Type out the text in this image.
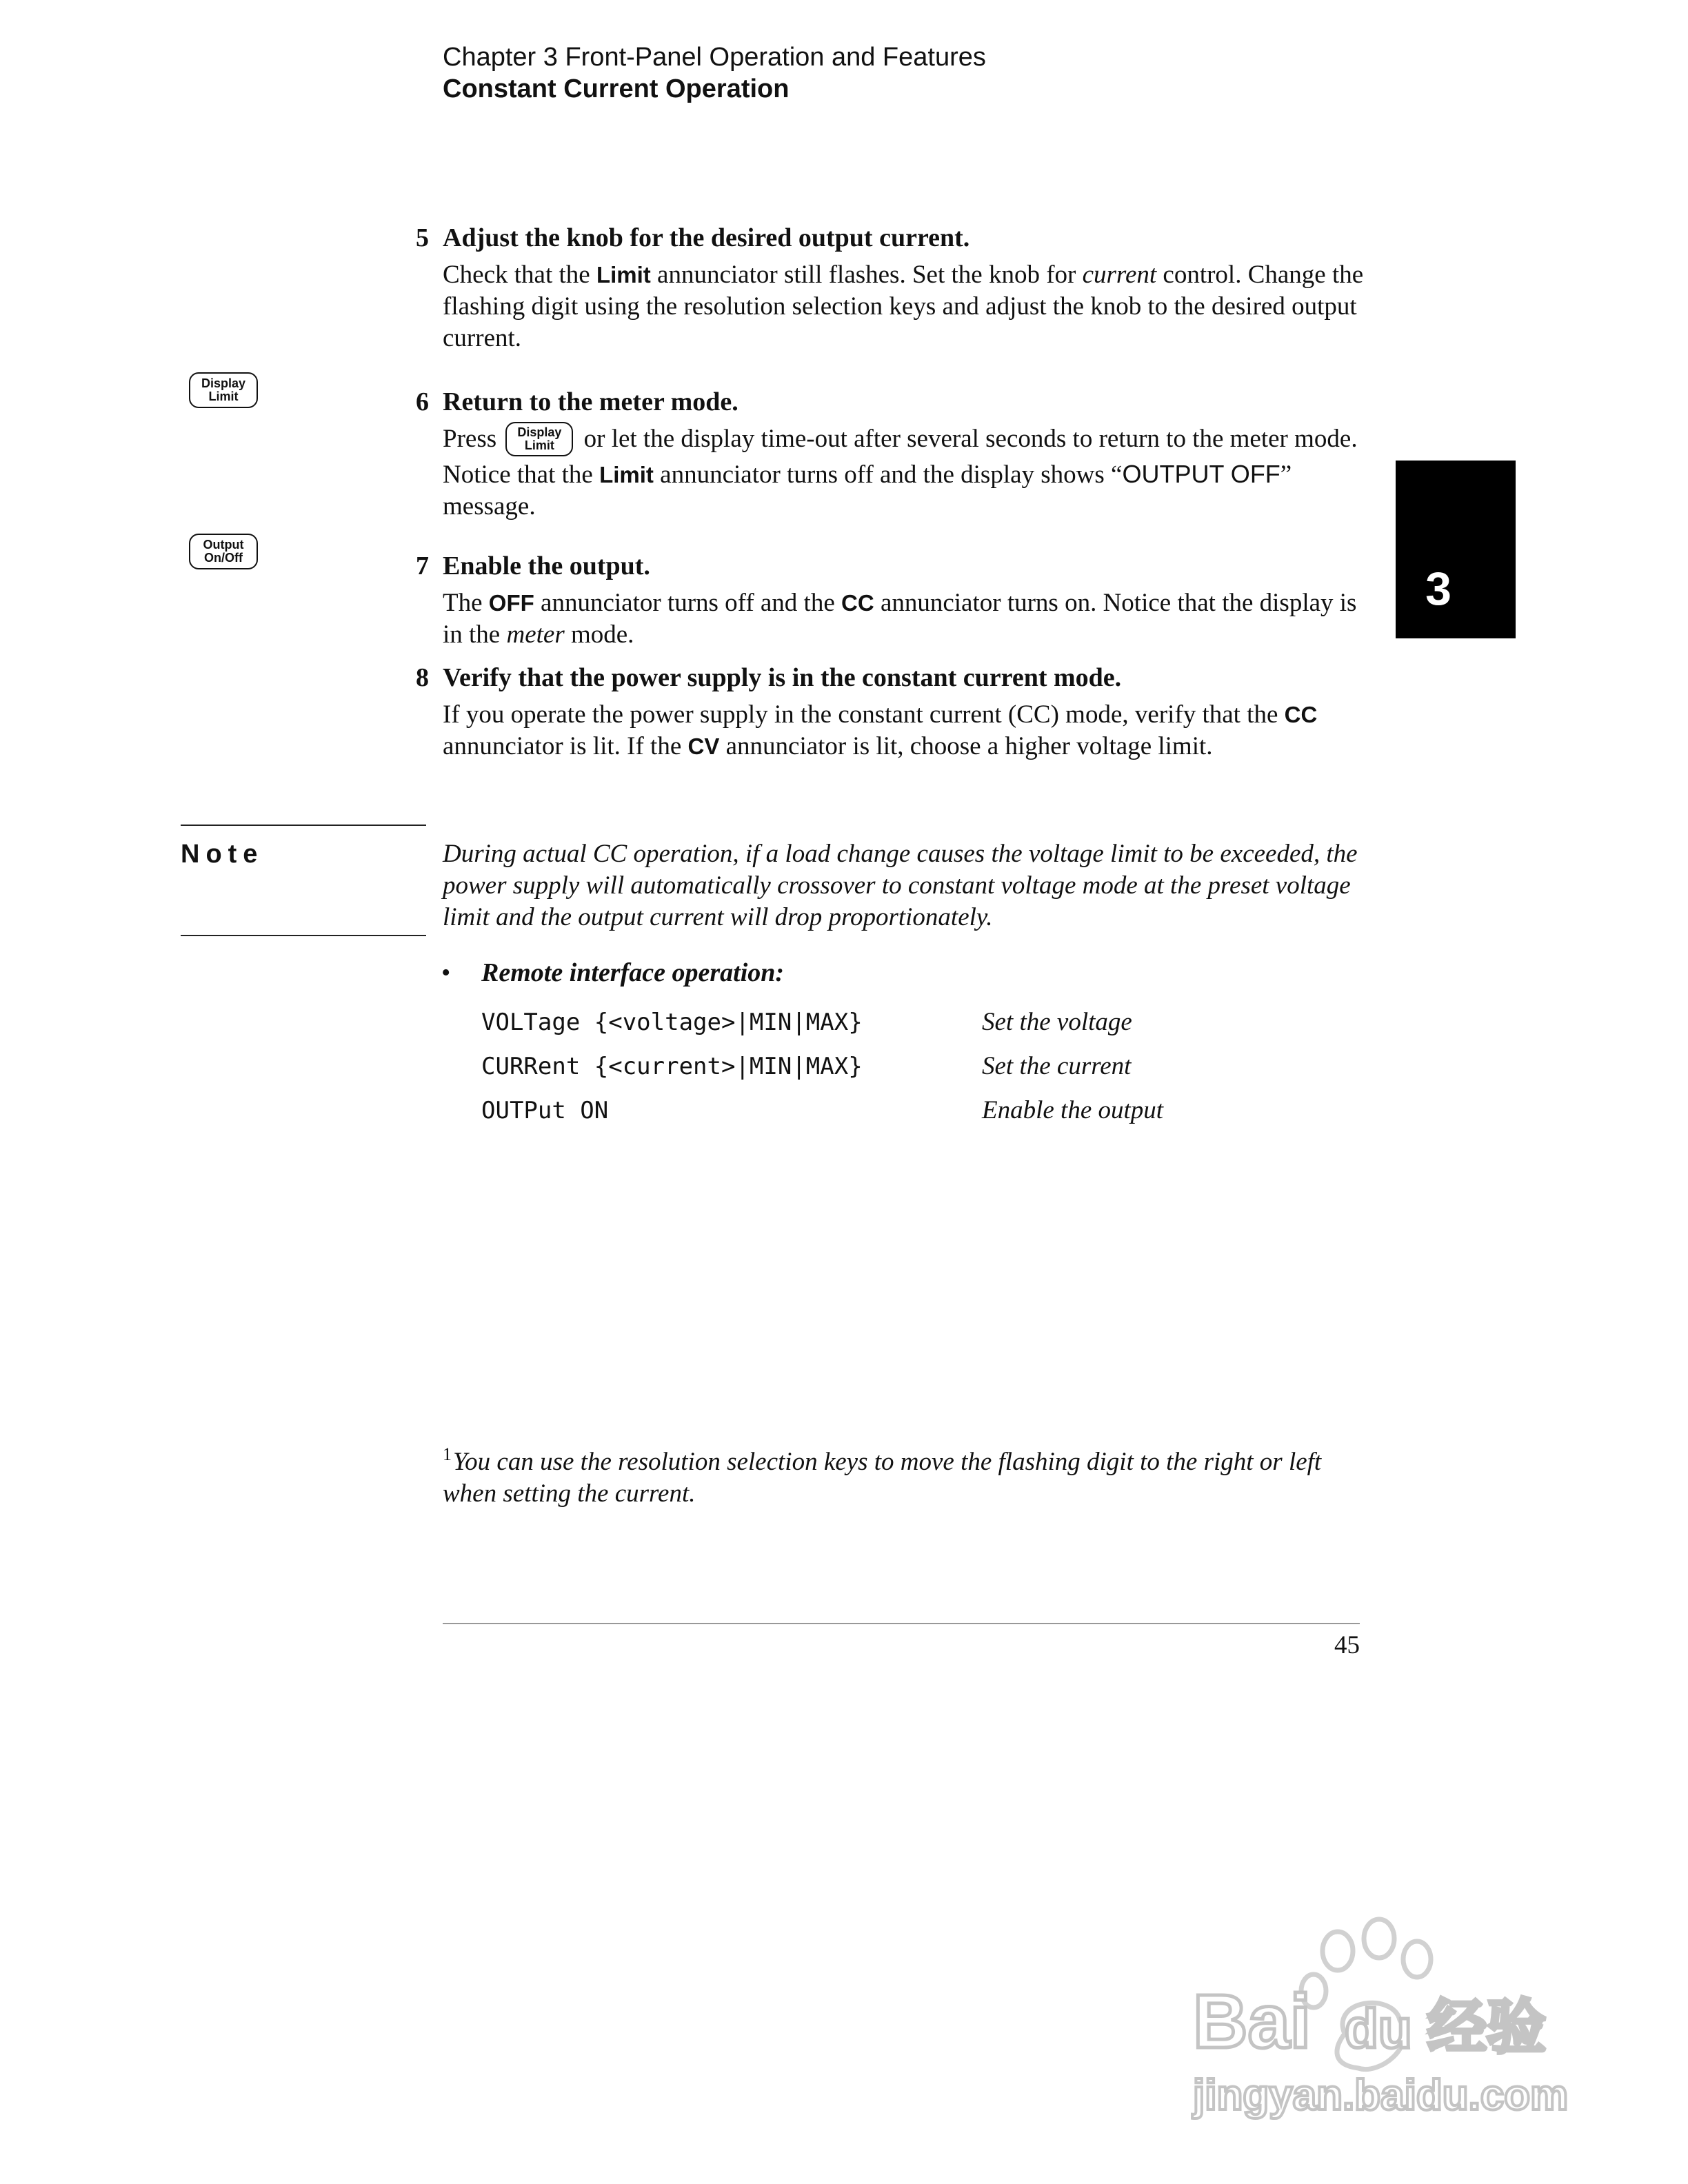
Chapter 3 Front-Panel Operation and Features
Constant Current Operation
3
5 Adjust the knob for the desired output current.
Check that the Limit annunciator still flashes. Set the knob for current control. Change the flashing digit using the resolution selection keys and adjust the knob to the desired output current.
Display
Limit	6 Return to the meter mode.
Press Display
Limit or let the display time-out after several seconds to return to the meter mode. Notice that the Limit annunciator turns off and the display shows “OUTPUT OFF” message.
Output
On/Off	7 Enable the output.
The OFF annunciator turns off and the CC annunciator turns on. Notice that the display is in the meter mode.
8 Verify that the power supply is in the constant current mode.
If you operate the power supply in the constant current (CC) mode, verify that the CC annunciator is lit. If the CV annunciator is lit, choose a higher voltage limit.
Note	During actual CC operation, if a load change causes the voltage limit to be exceeded, the power supply will automatically crossover to constant voltage mode at the preset voltage limit and the output current will drop proportionately.
• Remote interface operation:
VOLTage {<voltage>|MIN|MAX}	Set the voltage
CURRent {<current>|MIN|MAX}	Set the current
OUTPut ON	Enable the output
$^1$You can use the resolution selection keys to move the flashing digit to the right or left when setting the current.
45
Bai du 经验
jingyan.baidu.com
